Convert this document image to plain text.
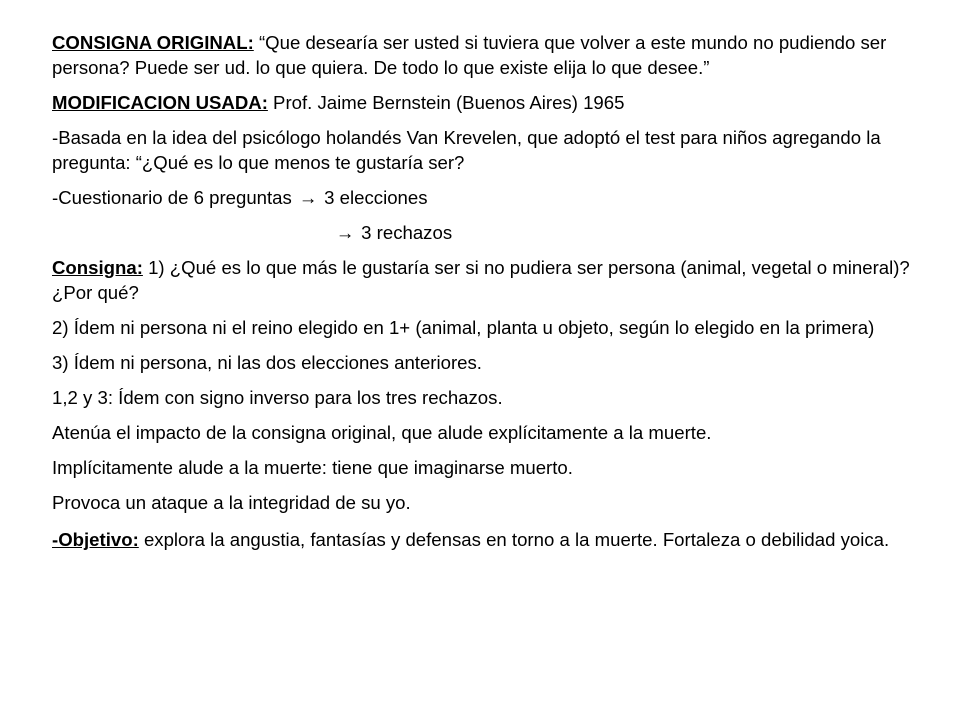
CONSIGNA ORIGINAL: “Que desearía ser usted si tuviera que volver a este mundo no pudiendo ser persona? Puede ser ud. lo que quiera. De todo lo que existe elija lo que desee.”

MODIFICACION USADA: Prof. Jaime Bernstein (Buenos Aires) 1965

-Basada en la idea del psicólogo holandés Van Krevelen, que adoptó el test para niños agregando la pregunta: “¿Qué es lo que menos te gustaría ser?

-Cuestionario de 6 preguntas → 3 elecciones

→ 3 rechazos

Consigna: 1) ¿Qué es lo que más le gustaría ser si no pudiera ser persona (animal, vegetal o mineral)? ¿Por qué?

2) Ídem ni persona ni el reino elegido en 1+ (animal, planta u objeto, según lo elegido en la primera)

3) Ídem ni persona, ni las dos elecciones anteriores.

1,2 y 3: Ídem con signo inverso para los tres rechazos.

Atenúa el impacto de la consigna original, que alude explícitamente a la muerte.

Implícitamente alude a la muerte: tiene que imaginarse muerto.

Provoca un ataque a la integridad de su yo.

-Objetivo: explora la angustia, fantasías y defensas en torno a la muerte. Fortaleza o debilidad yoica.
